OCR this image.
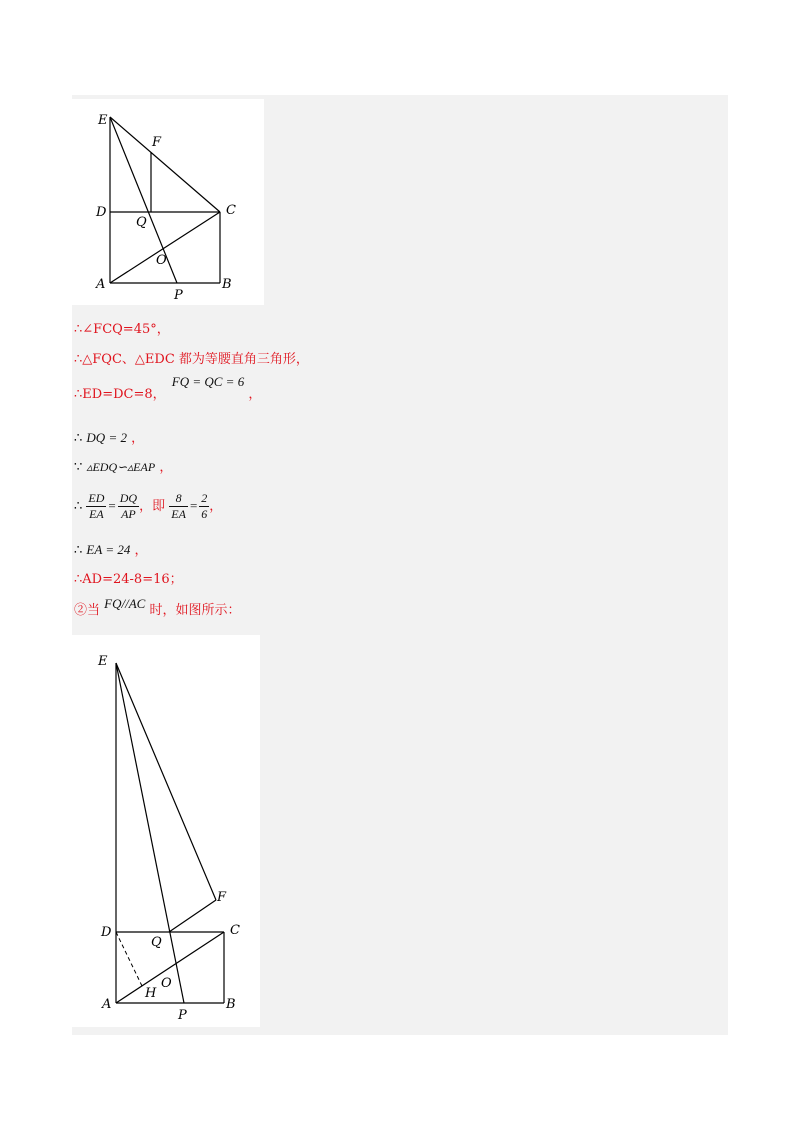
E
F
D
Q
C
O
A
P
B
∴∠FCQ=45°，
∴△FQC、△EDC 都为等腰直角三角形，
∴ED=DC=8， FQ = QC = 6 ，
∴ DQ = 2 ，
∵ ▵EDQ∽▵EAP ，
∴ $\frac{ED}{EA} = \frac{DQ}{AP}$ ，即 $\frac{8}{EA} = \frac{2}{6}$ ，
∴ EA = 24 ，
∴AD=24-8=16；
②当 FQ//AC 时，如图所示：
E
F
D
Q
C
O
H
A
P
B
